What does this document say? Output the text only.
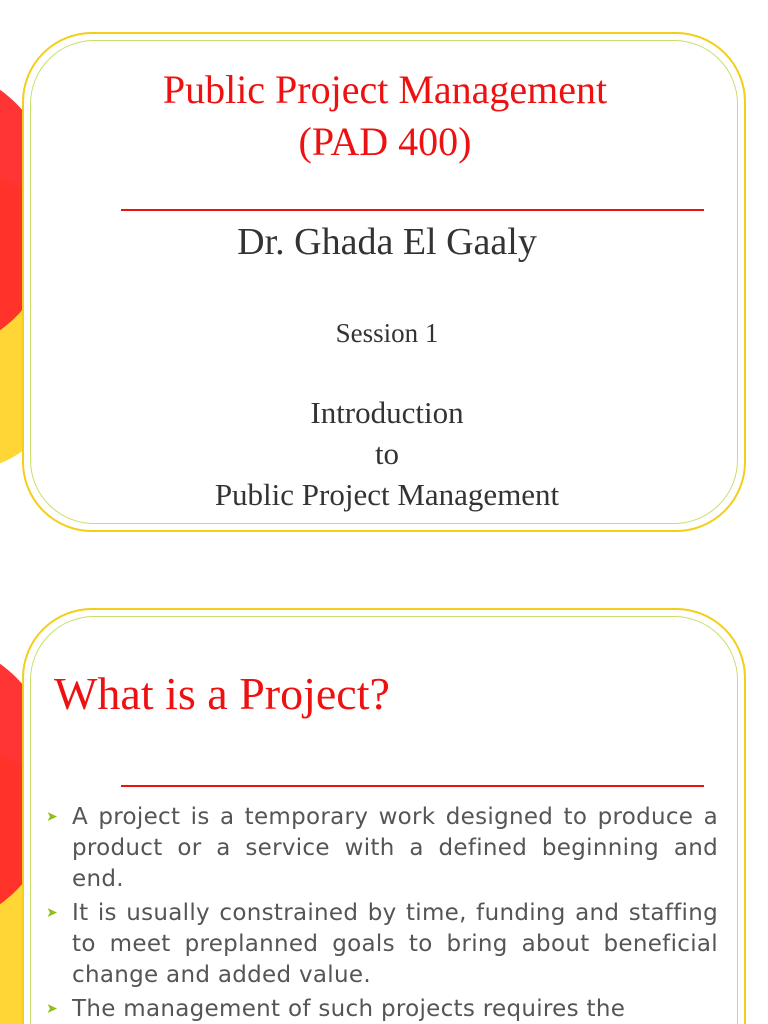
Public Project Management
(PAD 400)
Dr. Ghada El Gaaly
Session 1
Introduction
to
Public Project Management
What is a Project?
➤ A project is a temporary work designed to produce a product or a service with a defined beginning and end.
➤ It is usually constrained by time, funding and staffing to meet preplanned goals to bring about beneficial change and added value.
➤ The management of such projects requires the
